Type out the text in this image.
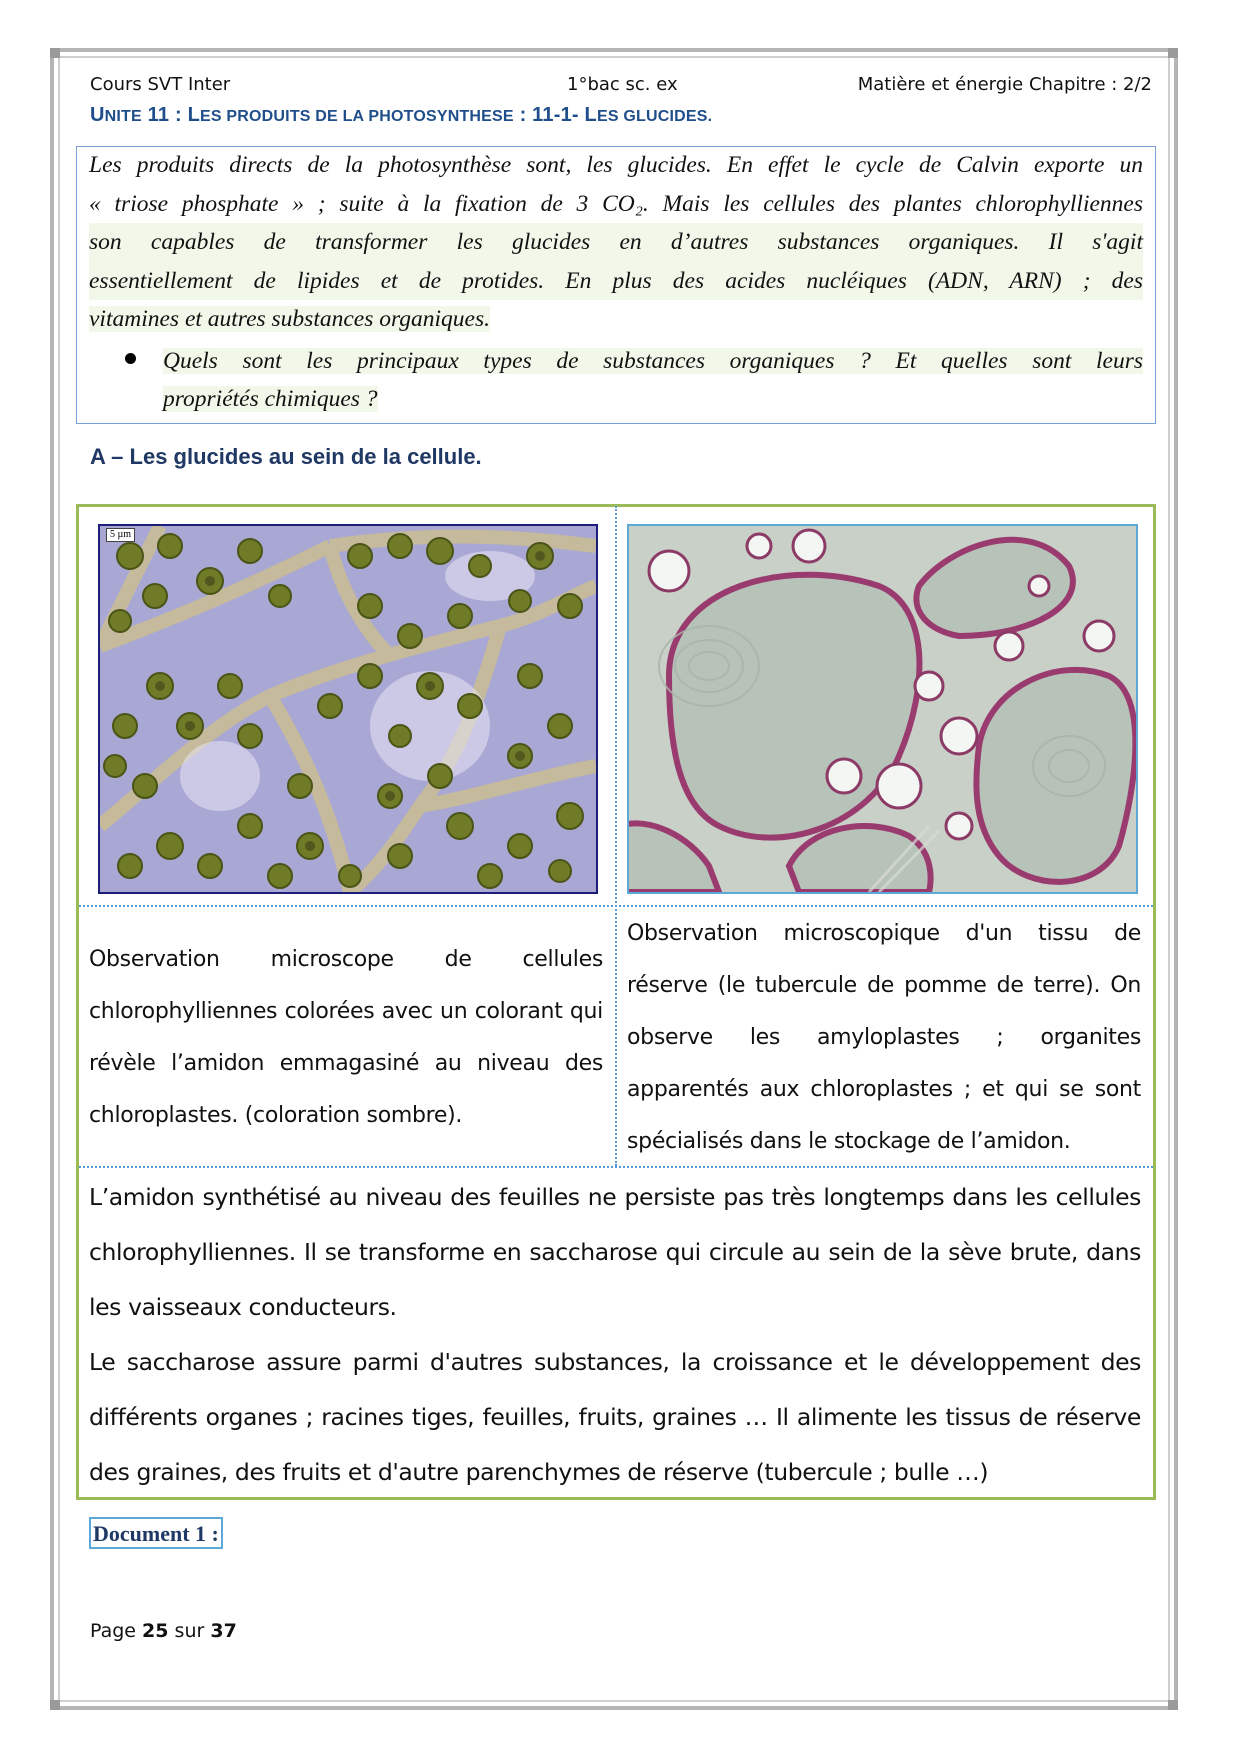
Cours SVT Inter	1°bac sc. ex	Matière et énergie Chapitre : 2/2
UNITE 11 : LES PRODUITS DE LA PHOTOSYNTHESE : 11-1- LES GLUCIDES.
Les produits directs de la photosynthèse sont, les glucides. En effet le cycle de Calvin exporte un
« triose phosphate » ; suite à la fixation de 3 CO₂. Mais les cellules des plantes chlorophylliennes
son capables de transformer les glucides en d’autres substances organiques. Il s'agit
essentiellement de lipides et de protides. En plus des acides nucléiques (ADN, ARN) ; des
vitamines et autres substances organiques.
Quels sont les principaux types de substances organiques ? Et quelles sont leurs
propriétés chimiques ?
A – Les glucides au sein de la cellule.
5 µm
Observation microscope de cellules chlorophylliennes colorées avec un colorant qui révèle l’amidon emmagasiné au niveau des chloroplastes. (coloration sombre).
Observation microscopique d'un tissu de réserve (le tubercule de pomme de terre). On observe les amyloplastes ; organites apparentés aux chloroplastes ; et qui se sont spécialisés dans le stockage de l’amidon.

L’amidon synthétisé au niveau des feuilles ne persiste pas très longtemps dans les cellules chlorophylliennes. Il se transforme en saccharose qui circule au sein de la sève brute, dans les vaisseaux conducteurs.

Le saccharose assure parmi d'autres substances, la croissance et le développement des différents organes ; racines tiges, feuilles, fruits, graines … Il alimente les tissus de réserve des graines, des fruits et d'autre parenchymes de réserve (tubercule ; bulle …)

Document 1 :
Page 25 sur 37
